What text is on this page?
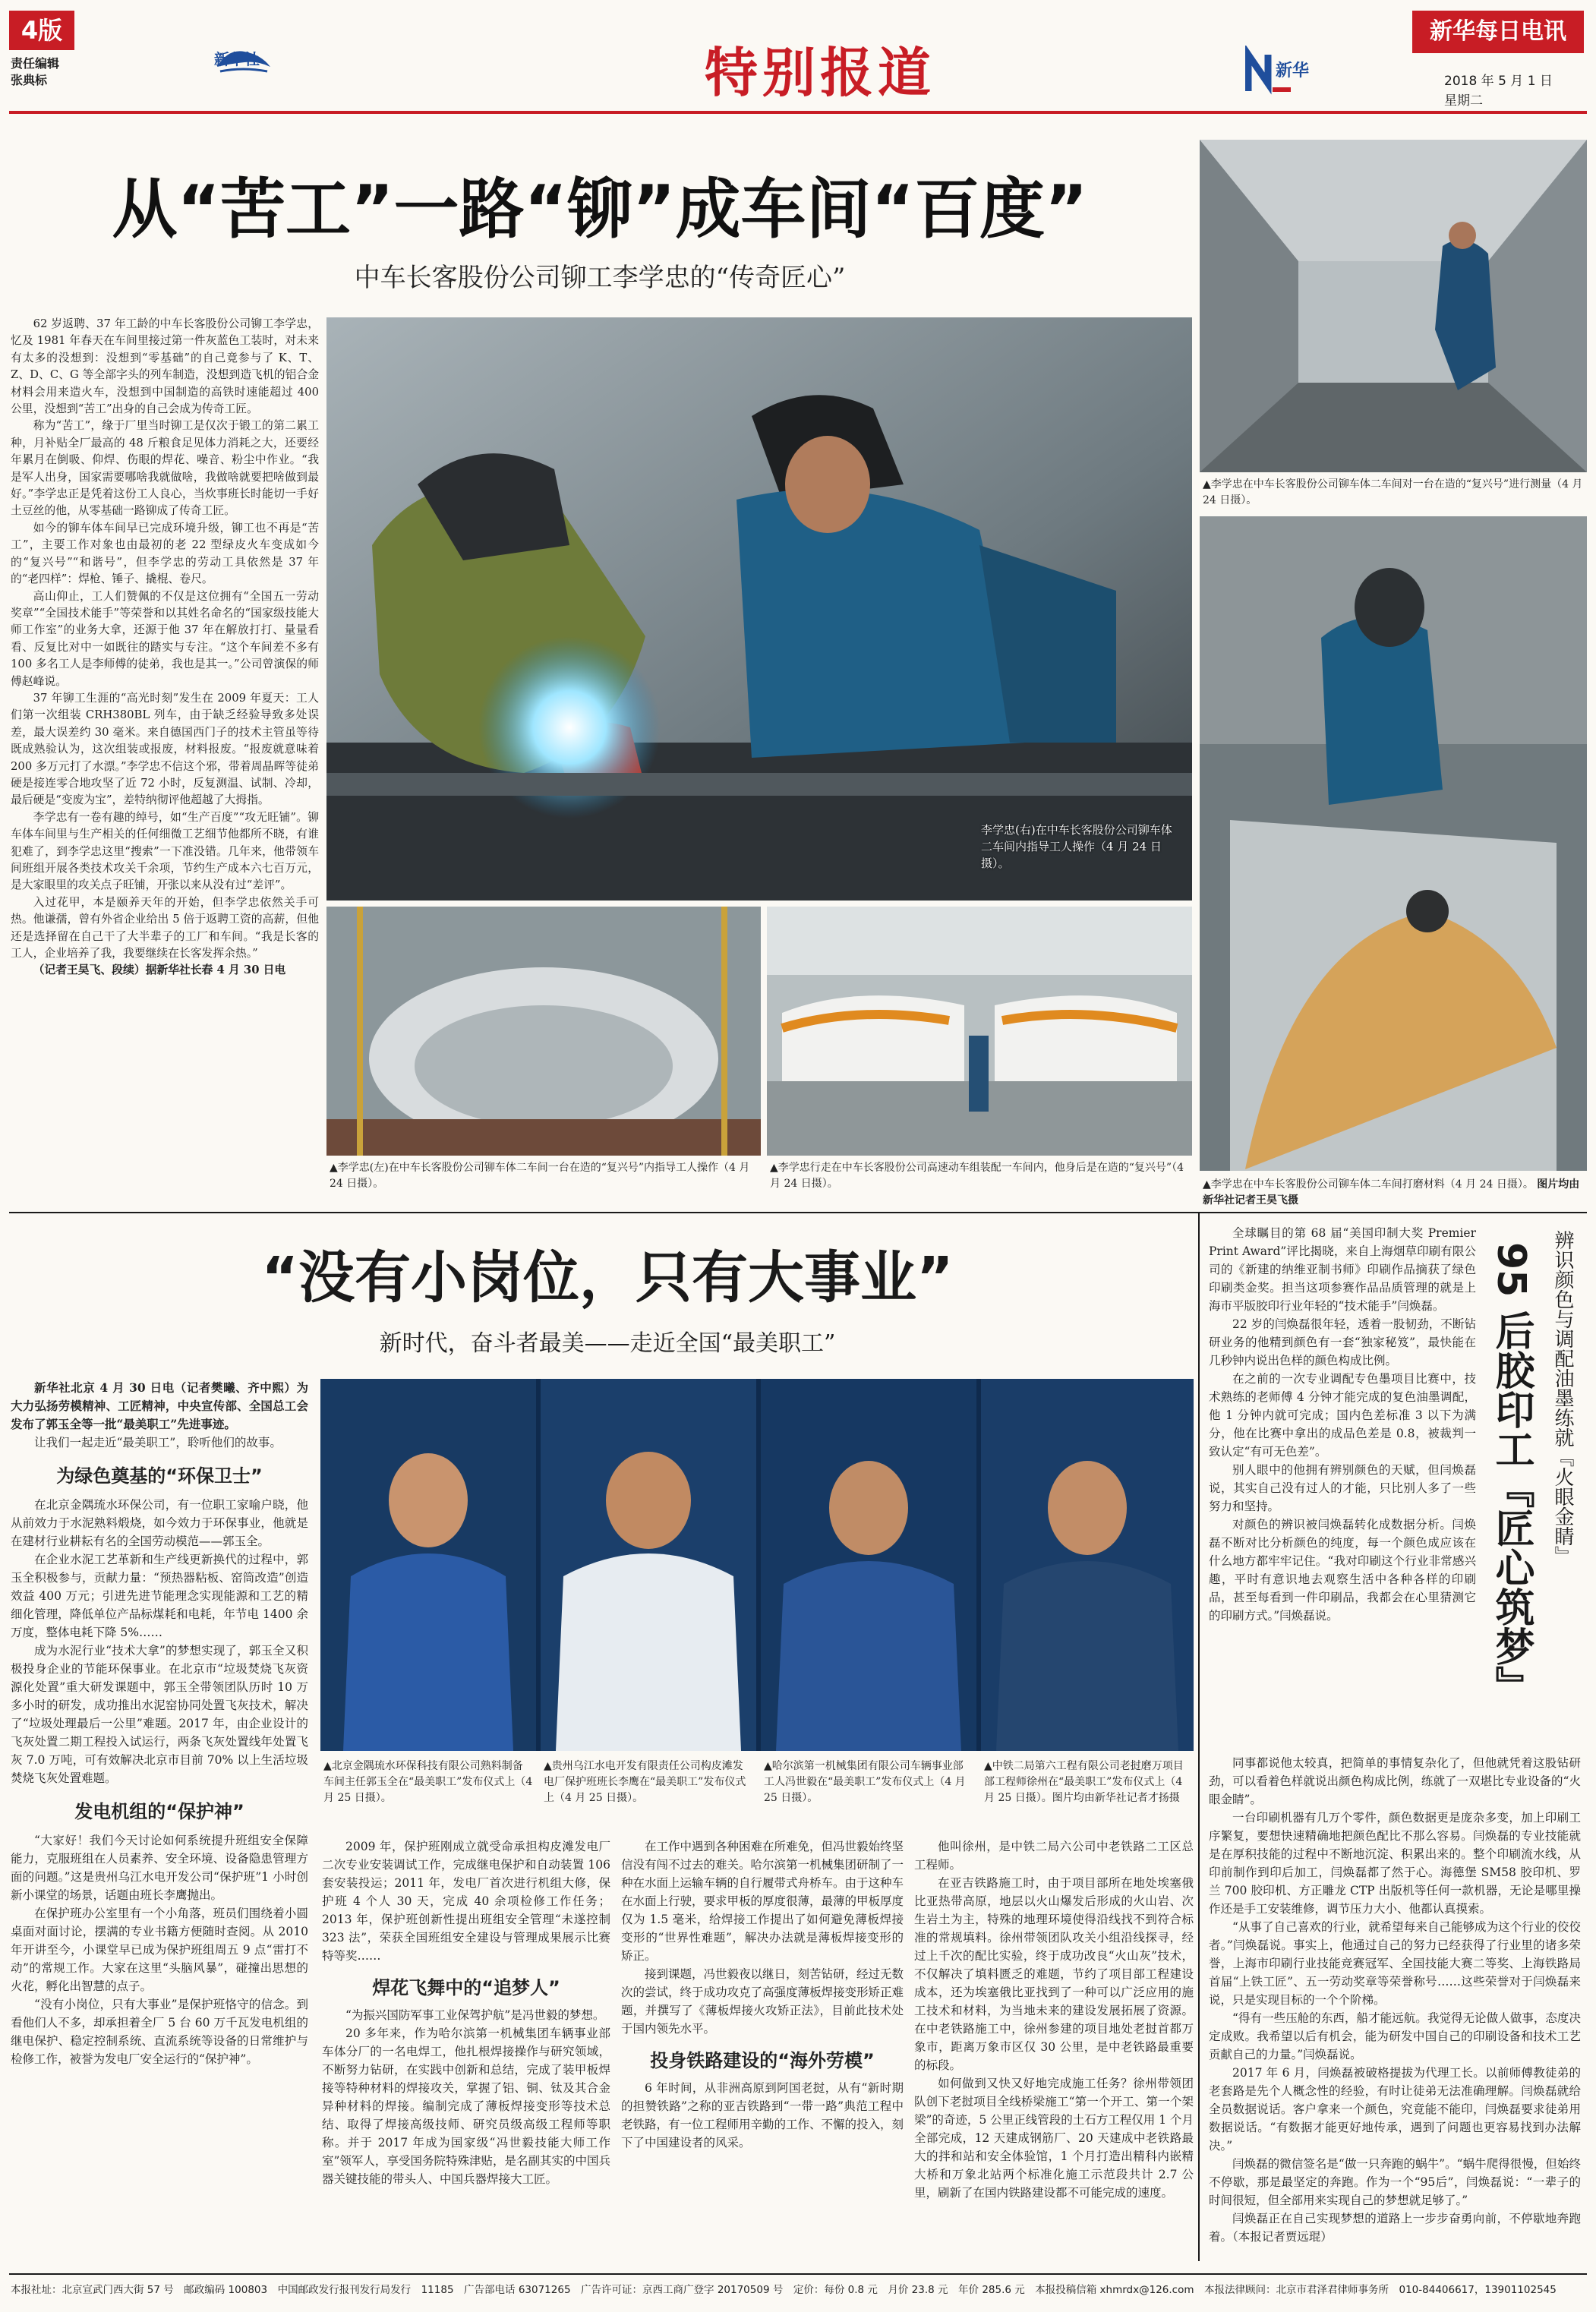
4版
责任编辑
张典标
新华社	特别报道
新华每日电讯
新华
2018 年 5 月 1 日
星期二
从“苦工”一路“铆”成车间“百度”
中车长客股份公司铆工李学忠的“传奇匠心”

62 岁返聘、37 年工龄的中车长客股份公司铆工李学忠，忆及 1981 年春天在车间里接过第一件灰蓝色工装时，对未来有太多的没想到：没想到“零基础”的自己竟参与了 K、T、Z、D、C、G 等全部字头的列车制造，没想到造飞机的铝合金材料会用来造火车，没想到中国制造的高铁时速能超过 400 公里，没想到“苦工”出身的自己会成为传奇工匠。

称为“苦工”，缘于厂里当时铆工是仅次于锻工的第二累工种，月补贴全厂最高的 48 斤粮食足见体力消耗之大，还要经年累月在倒吸、仰焊、伤眼的焊花、噪音、粉尘中作业。“我是军人出身，国家需要哪啥我就做啥，我做啥就要把啥做到最好。”李学忠正是凭着这份工人良心，当炊事班长时能切一手好土豆丝的他，从零基础一路铆成了传奇工匠。

如今的铆车体车间早已完成环境升级，铆工也不再是“苦工”，主要工作对象也由最初的老 22 型绿皮火车变成如今的“复兴号”“和谐号”，但李学忠的劳动工具依然是 37 年的“老四样”：焊枪、锤子、撬棍、卷尺。

高山仰止，工人们赞佩的不仅是这位拥有“全国五一劳动奖章”“全国技术能手”等荣誉和以其姓名命名的“国家级技能大师工作室”的业务大拿，还源于他 37 年在解放打打、量量看看、反复比对中一如既往的踏实与专注。“这个车间差不多有 100 多名工人是李师傅的徒弟，我也是其一。”公司曾演保的师傅赵峰说。

37 年铆工生涯的“高光时刻”发生在 2009 年夏天：工人们第一次组装 CRH380BL 列车，由于缺乏经验导致多处误差，最大误差约 30 毫米。来自德国西门子的技术主管虽等待既成熟验认为，这次组装或报废，材料报废。“报废就意味着 200 多万元打了水漂。”李学忠不信这个邪，带着周晶晖等徒弟硬是接连零合地攻坚了近 72 小时，反复测温、试制、冷却，最后硬是“变废为宝”，差特纳彻评他超越了大拇指。

李学忠有一卷有趣的绰号，如“生产百度”“攻无旺铺”。铆车体车间里与生产相关的任何细微工艺细节他都所不晓，有谁犯难了，到李学忠这里“搜索”一下准没错。几年来，他带领车间班组开展各类技术攻关千余项，节约生产成本六七百万元，是大家眼里的攻关点子旺铺，开张以来从没有过“差评”。

入过花甲，本是颐养天年的开始，但李学忠依然关手可热。他谦孺，曾有外省企业给出 5 倍于返聘工资的高薪，但他还是选择留在自己干了大半辈子的工厂和车间。“我是长客的工人，企业培养了我，我要继续在长客发挥余热。”

（记者王昊飞、段续）据新华社长春 4 月 30 日电

李学忠(右)在中车长客股份公司铆车体二车间内指导工人操作（4 月 24 日摄）。
▲李学忠在中车长客股份公司铆车体二车间对一台在造的“复兴号”进行测量（4 月 24 日摄）。
▲李学忠(左)在中车长客股份公司铆车体二车间一台在造的“复兴号”内指导工人操作（4 月 24 日摄）。
▲李学忠行走在中车长客股份公司高速动车组装配一车间内，他身后是在造的“复兴号”（4 月 24 日摄）。	▲李学忠在中车长客股份公司铆车体二车间打磨材料（4 月 24 日摄）。 图片均由新华社记者王昊飞摄
“没有小岗位，只有大事业”
新时代，奋斗者最美——走近全国“最美职工”

新华社北京 4 月 30 日电（记者樊曦、齐中熙）为大力弘扬劳模精神、工匠精神，中央宣传部、全国总工会发布了郭玉全等一批“最美职工”先进事迹。

让我们一起走近“最美职工”，聆听他们的故事。

为绿色奠基的“环保卫士”

在北京金隅琉水环保公司，有一位职工家喻户晓，他从前效力于水泥熟料煅烧，如今效力于环保事业，他就是在建材行业耕耘有名的全国劳动模范——郭玉全。

在企业水泥工艺革新和生产线更新换代的过程中，郭玉全积极参与，贡献力量：“预热器粘板、窑筒改造”创造效益 400 万元；引进先进节能理念实现能源和工艺的精细化管理，降低单位产品标煤耗和电耗，年节电 1400 余万度，整体电耗下降 5%……

成为水泥行业“技术大拿”的梦想实现了，郭玉全又积极投身企业的节能环保事业。在北京市“垃圾焚烧飞灰资源化处置”重大研发课题中，郭玉全带领团队历时 10 万多小时的研发，成功推出水泥窑协同处置飞灰技术，解决了“垃圾处理最后一公里”难题。2017 年，由企业设计的飞灰处置二期工程投入试运行，两条飞灰处置线年处置飞灰 7.0 万吨，可有效解决北京市目前 70% 以上生活垃圾焚烧飞灰处置难题。

发电机组的“保护神”

“大家好！我们今天讨论如何系统提升班组安全保障能力，克服班组在人员素养、安全环境、设备隐患管理方面的问题。”这是贵州乌江水电开发公司“保护班”1 小时创新小课堂的场景，话题由班长李鹰抛出。

在保护班办公室里有一个小角落，班员们围绕着小圆桌面对面讨论，摆满的专业书籍方便随时查阅。从 2010 年开讲至今，小课堂早已成为保护班组周五 9 点“雷打不动”的常规工作。大家在这里“头脑风暴”，碰撞出思想的火花，孵化出智慧的点子。

“没有小岗位，只有大事业”是保护班恪守的信念。到看他们人不多，却承担着全厂 5 台 60 万千瓦发电机组的继电保护、稳定控制系统、直流系统等设备的日常维护与检修工作，被誉为发电厂安全运行的“保护神”。

▲北京金隅琉水环保科技有限公司熟料制备车间主任郭玉全在“最美职工”发布仪式上（4 月 25 日摄）。
▲贵州乌江水电开发有限责任公司构皮滩发电厂保护班班长李鹰在“最美职工”发布仪式上（4 月 25 日摄）。
▲哈尔滨第一机械集团有限公司车辆事业部工人冯世毅在“最美职工”发布仪式上（4 月 25 日摄）。
▲中铁二局第六工程有限公司老挝磨万项目部工程师徐州在“最美职工”发布仪式上（4 月 25 日摄）。图片均由新华社记者才扬摄

2009 年，保护班刚成立就受命承担构皮滩发电厂二次专业安装调试工作，完成继电保护和自动装置 106 套安装投运；2011 年，发电厂首次进行机组大修，保护班 4 个人 30 天，完成 40 余项检修工作任务；2013 年，保护班创新性提出班组安全管理“未遂控制 323 法”，荣获全国班组安全建设与管理成果展示比赛特等奖……

焊花飞舞中的“追梦人”

“为振兴国防军事工业保驾护航”是冯世毅的梦想。

20 多年来，作为哈尔滨第一机械集团车辆事业部车体分厂的一名电焊工，他扎根焊接操作与研究领域，不断努力钻研，在实践中创新和总结，完成了装甲板焊接等特种材料的焊接攻关，掌握了铝、铜、钛及其合金异种材料的焊接。编制完成了薄板焊接变形等技术总结、取得了焊接高级技师、研究员级高级工程师等职称。并于 2017 年成为国家级“冯世毅技能大师工作室”领军人，享受国务院特殊津贴，是名副其实的中国兵器关键技能的带头人、中国兵器焊接大工匠。

在工作中遇到各种困难在所难免，但冯世毅始终坚信没有闯不过去的难关。哈尔滨第一机械集团研制了一种在水面上运输车辆的自行履带式舟桥车。由于这种车在水面上行驶，要求甲板的厚度很薄，最薄的甲板厚度仅为 1.5 毫米，给焊接工作提出了如何避免薄板焊接变形的“世界性难题”，解决办法就是薄板焊接变形的矫正。

接到课题，冯世毅夜以继日，刻苦钻研，经过无数次的尝试，终于成功攻克了高强度薄板焊接变形矫正难题，并撰写了《薄板焊接火攻矫正法》，目前此技术处于国内领先水平。

投身铁路建设的“海外劳模”

6 年时间，从非洲高原到阿国老挝，从有“新时期的担赞铁路”之称的亚吉铁路到“一带一路”典范工程中老铁路，有一位工程师用辛勤的工作、不懈的投入，刻下了中国建设者的风采。

他叫徐州，是中铁二局六公司中老铁路二工区总工程师。

在亚吉铁路施工时，由于项目部所在地处埃塞俄比亚热带高原，地层以火山爆发后形成的火山岩、次生岩土为主，特殊的地理环境使得沿线找不到符合标准的常规填料。徐州带领团队攻关小组沿线探寻，经过上千次的配比实验，终于成功改良“火山灰”技术，不仅解决了填料匮乏的难题，节约了项目部工程建设成本，还为埃塞俄比亚找到了一种可以广泛应用的施工技术和材料，为当地未来的建设发展拓展了资源。在中老铁路施工中，徐州参建的项目地处老挝首都万象市，距离万象市区仅 30 公里，是中老铁路最重要的标段。

如何做到又快又好地完成施工任务？徐州带领团队创下老挝项目全线桥梁施工“第一个开工、第一个架梁”的奇迹，5 公里正线管段的土石方工程仅用 1 个月全部完成，12 天建成钢筋厂、20 天建成中老铁路最大的拌和站和安全体验馆，1 个月打造出精科内嵌精大桥和万象北站两个标准化施工示范段共计 2.7 公里，刷新了在国内铁路建设都不可能完成的速度。

全球瞩目的第 68 届“美国印制大奖 Premier Print Award”评比揭晓，来自上海烟草印刷有限公司的《新建的纳维亚制书师》印刷作品摘获了绿色印刷类金奖。担当这项参赛作品品质管理的就是上海市平版胶印行业年轻的“技术能手”闫焕磊。

22 岁的闫焕磊很年轻，透着一股韧劲，不断钻研业务的他精到颜色有一套“独家秘笈”，最快能在几秒钟内说出色样的颜色构成比例。

在之前的一次专业调配专色墨项目比赛中，技术熟练的老师傅 4 分钟才能完成的复色油墨调配，他 1 分钟内就可完成；国内色差标准 3 以下为满分，他在比赛中拿出的成品色差是 0.8，被裁判一致认定“有可无色差”。

别人眼中的他拥有辨别颜色的天赋，但闫焕磊说，其实自己没有过人的才能，只比别人多了一些努力和坚持。

对颜色的辨识被闫焕磊转化成数据分析。闫焕磊不断对比分析颜色的纯度，每一个颜色成应该在什么地方都牢牢记住。“我对印刷这个行业非常感兴趣，平时有意识地去观察生活中各种各样的印刷品，甚至每看到一件印刷品，我都会在心里猜测它的印刷方式。”闫焕磊说。	95 后胶印工『匠心筑梦』 辨识颜色与调配油墨练就『火眼金睛』

同事都说他太较真，把简单的事情复杂化了，但他就凭着这股钻研劲，可以看着色样就说出颜色构成比例，练就了一双堪比专业设备的“火眼金睛”。

一台印刷机器有几万个零件，颜色数据更是庞杂多变，加上印刷工序繁复，要想快速精确地把颜色配比不那么容易。闫焕磊的专业技能就是在厚积技能的过程中不断地沉淀、积累出来的。整个印刷流水线，从印前制作到印后加工，闫焕磊都了然于心。海德堡 SM58 胶印机、罗兰 700 胶印机、方正雕龙 CTP 出版机等任何一款机器，无论是哪里操作还是手工安装维修，调节压力大小、他都认真摸索。

“从事了自己喜欢的行业，就希望每来自己能够成为这个行业的佼佼者。”闫焕磊说。事实上，他通过自己的努力已经获得了行业里的诸多荣誉，上海市印刷行业技能竞赛冠军、全国技能大赛二等奖、上海铁路局首届“上铁工匠”、五一劳动奖章等荣誉称号……这些荣誉对于闫焕磊来说，只是实现目标的一个个阶梯。

“得有一些压舱的东西，船才能远航。我觉得无论做人做事，态度决定成败。我希望以后有机会，能为研发中国自己的印刷设备和技术工艺贡献自己的力量。”闫焕磊说。

2017 年 6 月，闫焕磊被破格提拔为代理工长。以前师傅教徒弟的老套路是先个人概念性的经验，有时让徒弟无法准确理解。闫焕磊就给全员数据说话。客户拿来一个颜色，究竟能不能印，闫焕磊要求徒弟用数据说话。“有数据才能更好地传承，遇到了问题也更容易找到办法解决。”

闫焕磊的微信签名是“做一只奔跑的蜗牛”。“蜗牛爬得很慢，但始终不停歇，那是最坚定的奔跑。作为一个“95后”，闫焕磊说：“一辈子的时间很短，但全部用来实现自己的梦想就足够了。”

闫焕磊正在自己实现梦想的道路上一步步奋勇向前，不停歇地奔跑着。（本报记者贾远琨）

本报社址：北京宣武门西大街 57 号　邮政编码 100803　中国邮政发行报刊发行局发行　11185　广告部电话 63071265　广告许可证：京西工商广登字 20170509 号　定价：每份 0.8 元　月价 23.8 元　年价 285.6 元　本报投稿信箱 xhmrdx@126.com　本报法律顾问：北京市君泽君律师事务所　010-84406617，13901102545
